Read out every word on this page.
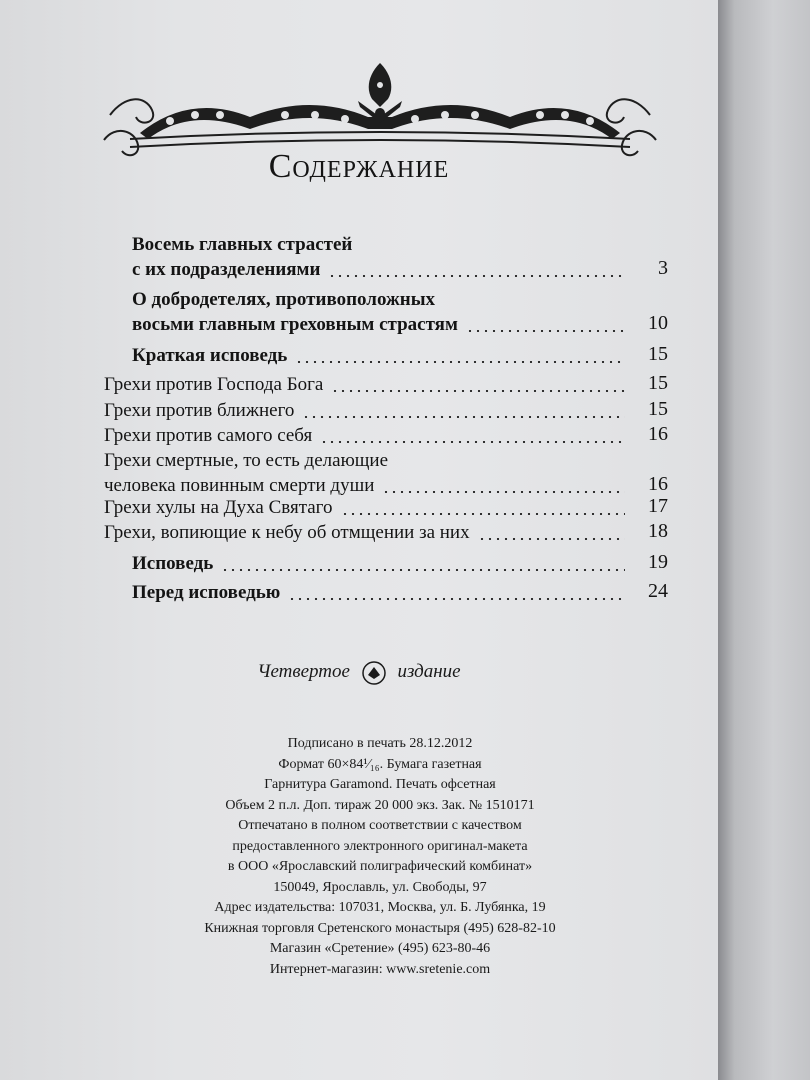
Содержание
Восемь главных страстей
с их подразделениями	3
О добродетелях, противоположных
восьми главным греховным страстям	10
Краткая исповедь	15
Грехи против Господа Бога	15
Грехи против ближнего	15
Грехи против самого себя	16
Грехи смертные, то есть делающие
человека повинным смерти души	16
Грехи хулы на Духа Святаго	17
Грехи, вопиющие к небу об отмщении за них	18
Исповедь	19
Перед исповедью	24
Четвертое	издание
Подписано в печать 28.12.2012
Формат 60×84¹⁄₁₆. Бумага газетная
Гарнитура Garamond. Печать офсетная
Объем 2 п.л. Доп. тираж 20 000 экз. Зак. № 1510171
Отпечатано в полном соответствии с качеством
предоставленного электронного оригинал-макета
в ООО «Ярославский полиграфический комбинат»
150049, Ярославль, ул. Свободы, 97
Адрес издательства: 107031, Москва, ул. Б. Лубянка, 19
Книжная торговля Сретенского монастыря (495) 628-82-10
Магазин «Сретение» (495) 623-80-46
Интернет-магазин: www.sretenie.com
